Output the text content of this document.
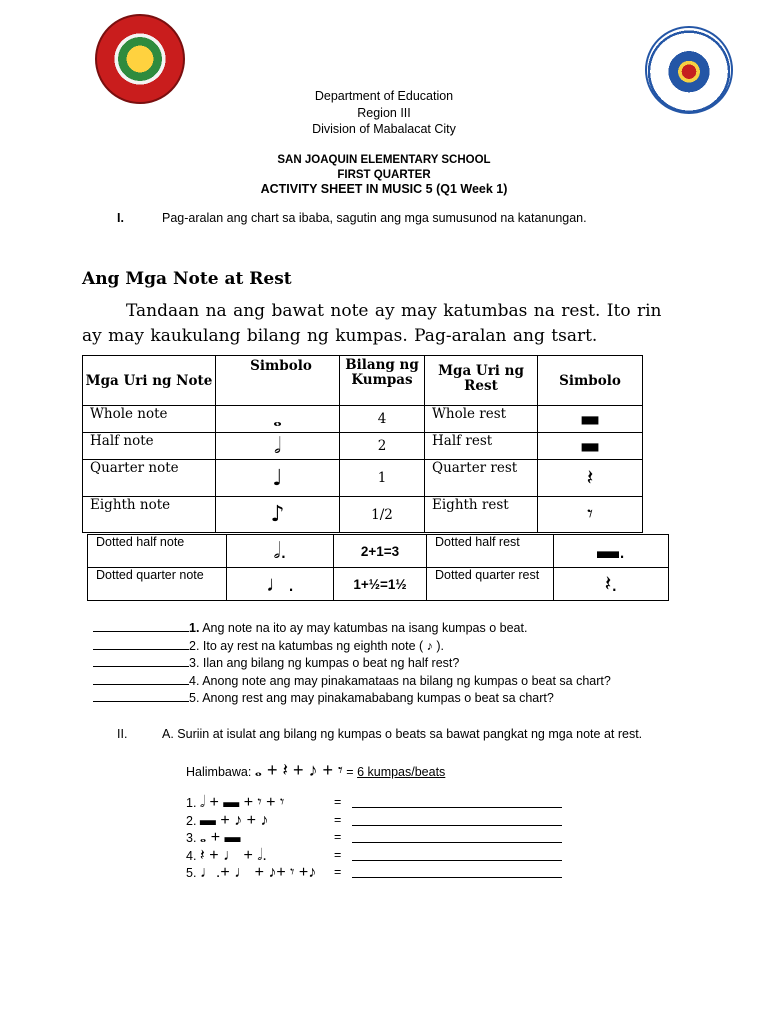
Department of Education
Region III
Division of Mabalacat City
SAN JOAQUIN ELEMENTARY SCHOOL
FIRST QUARTER
ACTIVITY SHEET IN MUSIC 5 (Q1 Week 1)
I.	Pag-aralan ang chart sa ibaba, sagutin ang mga sumusunod na katanungan.
Ang Mga Note at Rest
Tandaan na ang bawat note ay may katumbas na rest. Ito rin ay may kaukulang bilang ng kumpas. Pag-aralan ang tsart.
Mga Uri ng Note	Simbolo	Bilang ng Kumpas	Mga Uri ng Rest	Simbolo
Whole note	𝅝	4	Whole rest	▬
Half note	𝅗𝅥	2	Half rest	▬
Quarter note	♩	1	Quarter rest	𝄽
Eighth note	♪	1/2	Eighth rest	𝄾
Dotted half note	𝅗𝅥.	2+1=3	Dotted half rest	▬.
Dotted quarter note	♩.	1+½=1½	Dotted quarter rest	𝄽.
1. Ang note na ito ay may katumbas na isang kumpas o beat.
2. Ito ay rest na katumbas ng eighth note ( ♪ ).
3. Ilan ang bilang ng kumpas o beat ng half rest?
4. Anong note ang may pinakamataas na bilang ng kumpas o beat sa chart?
5. Anong rest ang may pinakamababang kumpas o beat sa chart?
II.	A. Suriin at isulat ang bilang ng kumpas o beats sa bawat pangkat ng mga note at rest.
Halimbawa: 𝅝 + 𝄽 + ♪ + 𝄾 = 6 kumpas/beats
1. 𝅗𝅥 + ▬ + 𝄾 + 𝄾	=
2. ▬ + ♪ + ♪	=
3. 𝅝 + ▬	=
4. 𝄽 + ♩ + 𝅗𝅥.	=
5. ♩.+ ♩ + ♪+ 𝄾 +♪ =
